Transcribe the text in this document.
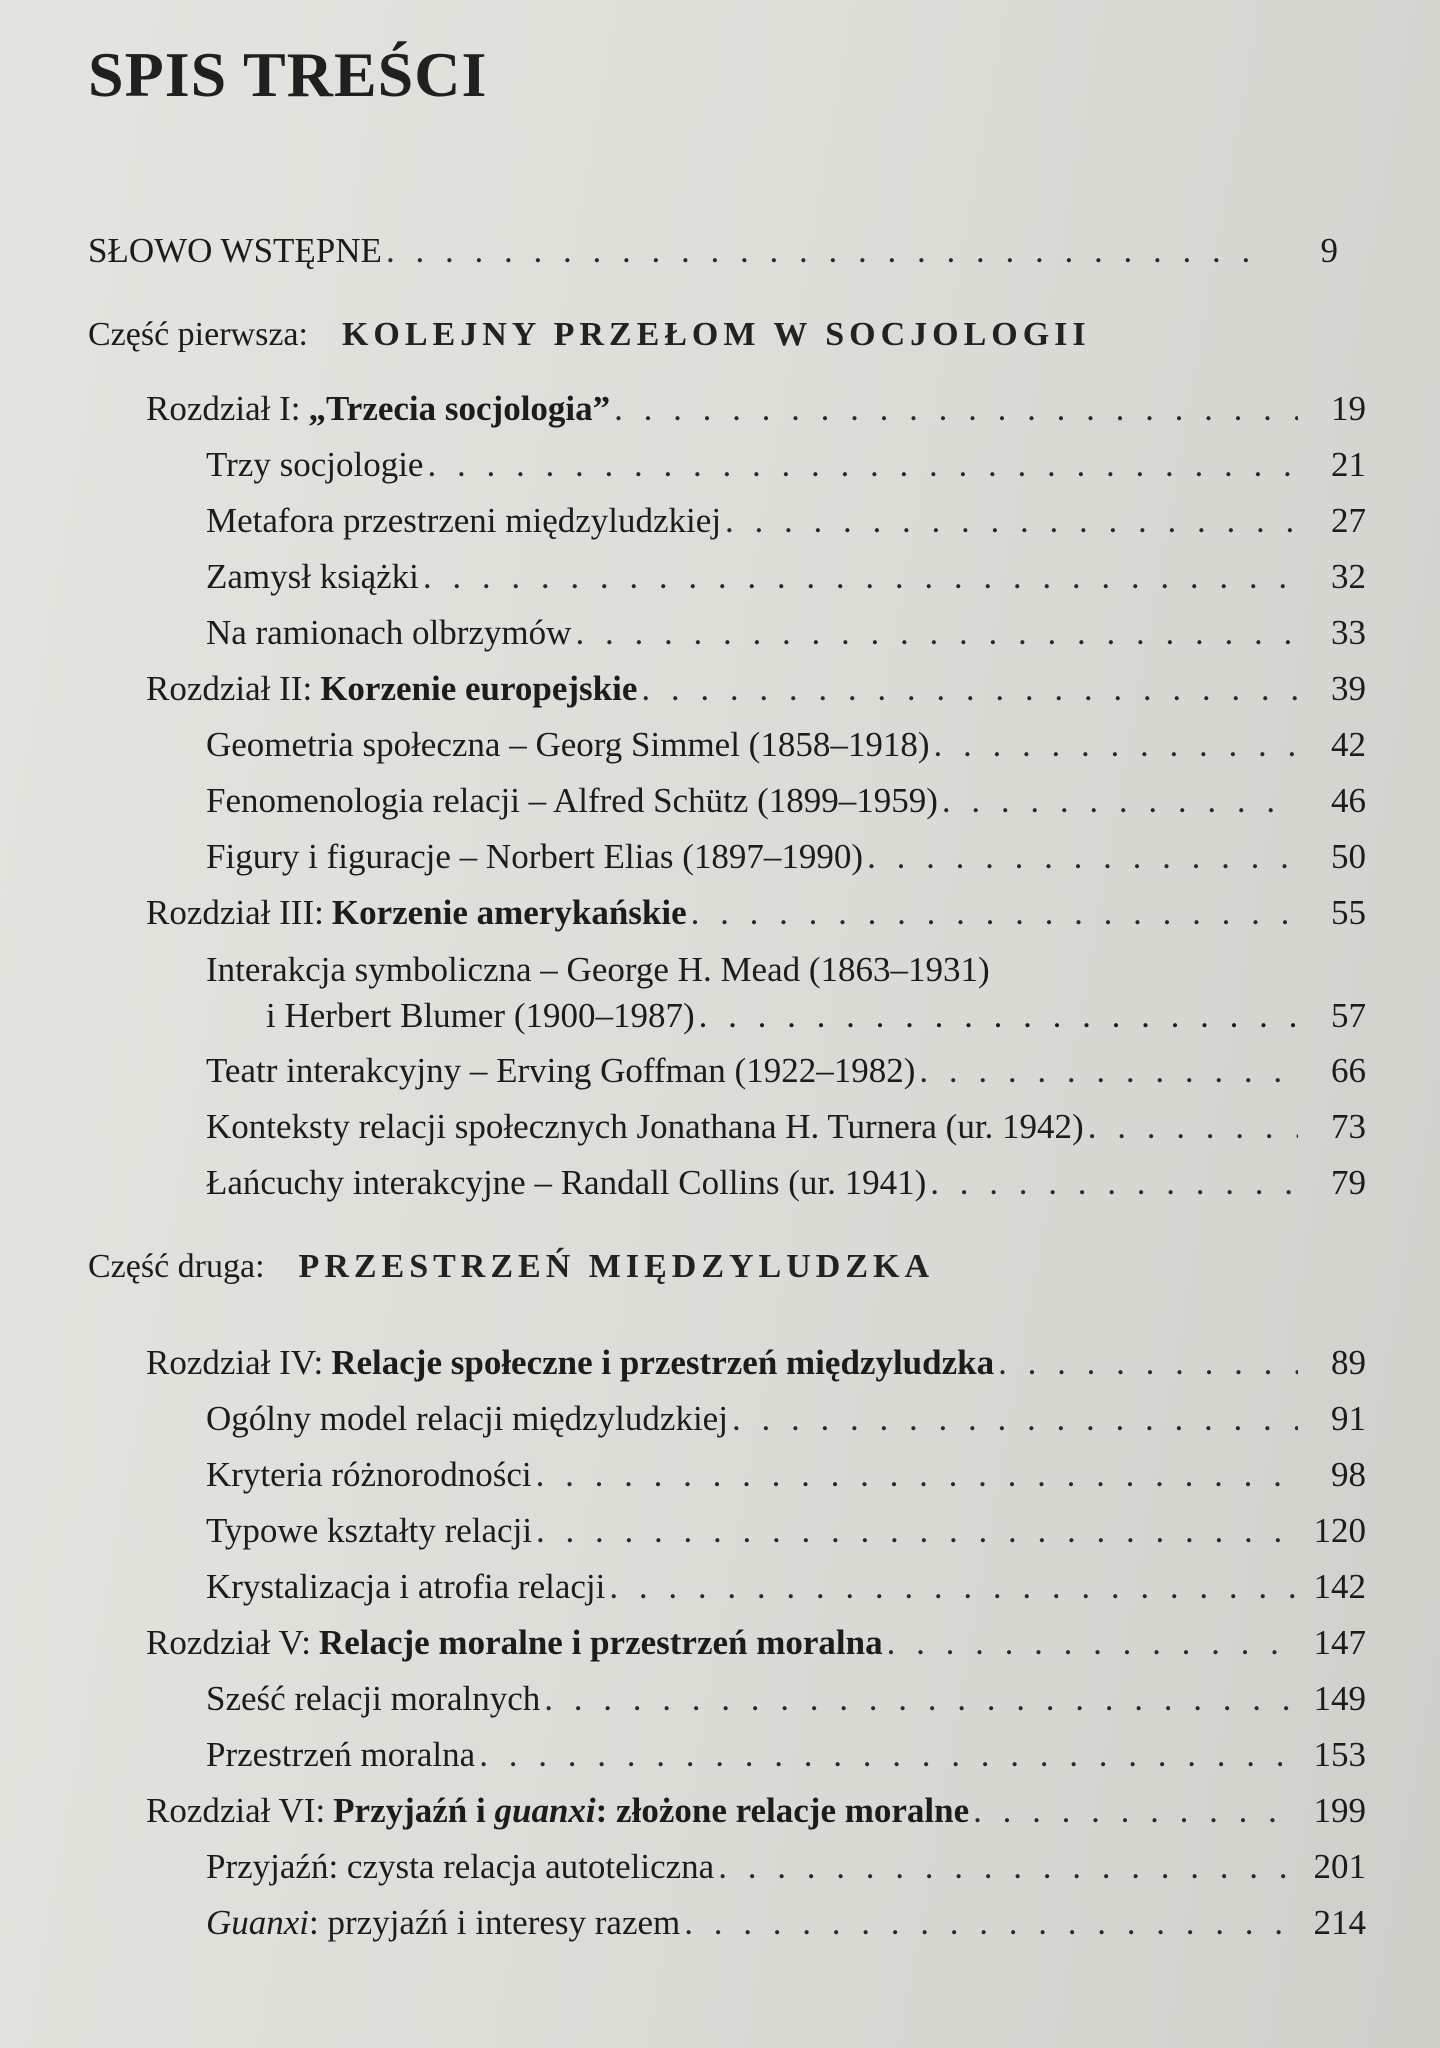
SPIS TREŚCI
SŁOWO WSTĘPNE . . .	9
Część pierwsza: KOLEJNY PRZEŁOM W SOCJOLOGII
Rozdział I: „Trzecia socjologia” . . .	19
Trzy socjologie . . .	21
Metafora przestrzeni międzyludzkiej . . .	27
Zamysł książki . . .	32
Na ramionach olbrzymów . . .	33
Rozdział II: Korzenie europejskie . . .	39
Geometria społeczna – Georg Simmel (1858–1918) . . .	42
Fenomenologia relacji – Alfred Schütz (1899–1959) . . .	46
Figury i figuracje – Norbert Elias (1897–1990) . . .	50
Rozdział III: Korzenie amerykańskie . . .	55
Interakcja symboliczna – George H. Mead (1863–1931)
i Herbert Blumer (1900–1987) . . .	57
Teatr interakcyjny – Erving Goffman (1922–1982) . . .	66
Konteksty relacji społecznych Jonathana H. Turnera (ur. 1942) . . .	73
Łańcuchy interakcyjne – Randall Collins (ur. 1941) . . .	79
Część druga: PRZESTRZEŃ MIĘDZYLUDZKA
Rozdział IV: Relacje społeczne i przestrzeń międzyludzka . . .	89
Ogólny model relacji międzyludzkiej . . .	91
Kryteria różnorodności . . .	98
Typowe kształty relacji . . .	120
Krystalizacja i atrofia relacji . . .	142
Rozdział V: Relacje moralne i przestrzeń moralna . . .	147
Sześć relacji moralnych . . .	149
Przestrzeń moralna . . .	153
Rozdział VI: Przyjaźń i guanxi: złożone relacje moralne . . .	199
Przyjaźń: czysta relacja autoteliczna . . .	201
Guanxi: przyjaźń i interesy razem . . .	214
